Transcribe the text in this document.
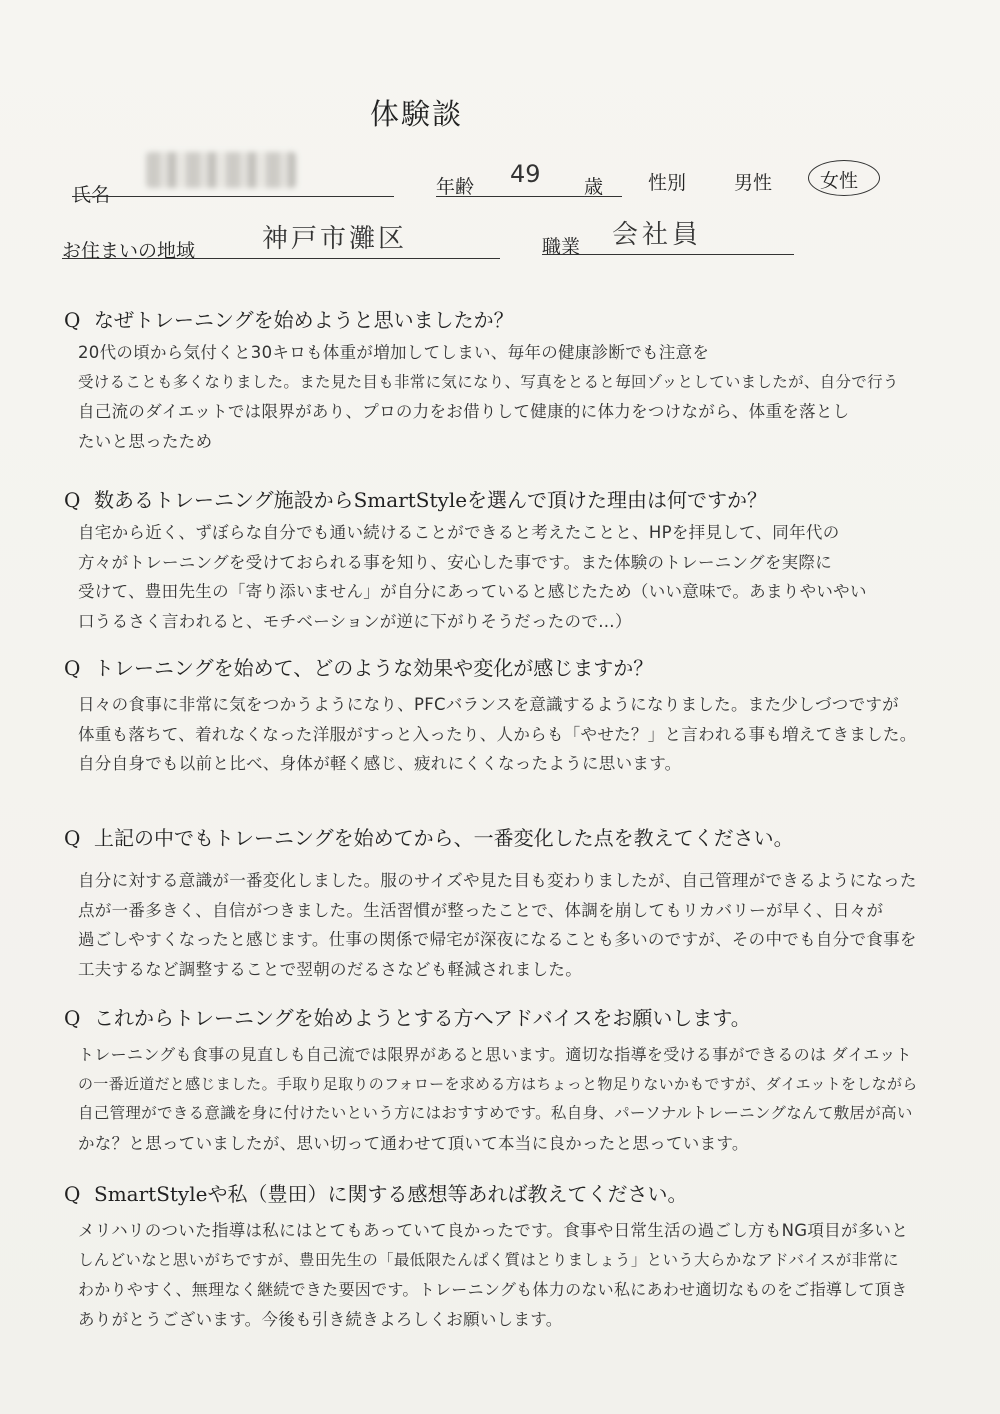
体験談
氏名	年齢 49 歳 性別	男性	女性
お住まいの地域	神戸市灘区	職業 会社員
Q なぜトレーニングを始めようと思いましたか？
20代の頃から気付くと30キロも体重が増加してしまい、毎年の健康診断でも注意を
受けることも多くなりました。また見た目も非常に気になり、写真をとると毎回ゾッとしていましたが、自分で行う
自己流のダイエットでは限界があり、プロの力をお借りして健康的に体力をつけながら、体重を落とし
たいと思ったため
Q 数あるトレーニング施設からSmartStyleを選んで頂けた理由は何ですか？
自宅から近く、ずぼらな自分でも通い続けることができると考えたことと、HPを拝見して、同年代の
方々がトレーニングを受けておられる事を知り、安心した事です。また体験のトレーニングを実際に
受けて、豊田先生の「寄り添いません」が自分にあっていると感じたため（いい意味で。あまりやいやい
口うるさく言われると、モチベーションが逆に下がりそうだったので…）
Q トレーニングを始めて、どのような効果や変化が感じますか？
日々の食事に非常に気をつかうようになり、PFCバランスを意識するようになりました。また少しづつですが
体重も落ちて、着れなくなった洋服がすっと入ったり、人からも「やせた？」と言われる事も増えてきました。
自分自身でも以前と比べ、身体が軽く感じ、疲れにくくなったように思います。
Q 上記の中でもトレーニングを始めてから、一番変化した点を教えてください。
自分に対する意識が一番変化しました。服のサイズや見た目も変わりましたが、自己管理ができるようになった
点が一番多きく、自信がつきました。生活習慣が整ったことで、体調を崩してもリカバリーが早く、日々が
過ごしやすくなったと感じます。仕事の関係で帰宅が深夜になることも多いのですが、その中でも自分で食事を
工夫するなど調整することで翌朝のだるさなども軽減されました。
Q これからトレーニングを始めようとする方へアドバイスをお願いします。
トレーニングも食事の見直しも自己流では限界があると思います。適切な指導を受ける事ができるのは ダイエット
の一番近道だと感じました。手取り足取りのフォローを求める方はちょっと物足りないかもですが、ダイエットをしながら
自己管理ができる意識を身に付けたいという方にはおすすめです。私自身、パーソナルトレーニングなんて敷居が高い
かな？と思っていましたが、思い切って通わせて頂いて本当に良かったと思っています。
Q SmartStyleや私（豊田）に関する感想等あれば教えてください。
メリハリのついた指導は私にはとてもあっていて良かったです。食事や日常生活の過ごし方もNG項目が多いと
しんどいなと思いがちですが、豊田先生の「最低限たんぱく質はとりましょう」という大らかなアドバイスが非常に
わかりやすく、無理なく継続できた要因です。トレーニングも体力のない私にあわせ適切なものをご指導して頂き
ありがとうございます。今後も引き続きよろしくお願いします。
